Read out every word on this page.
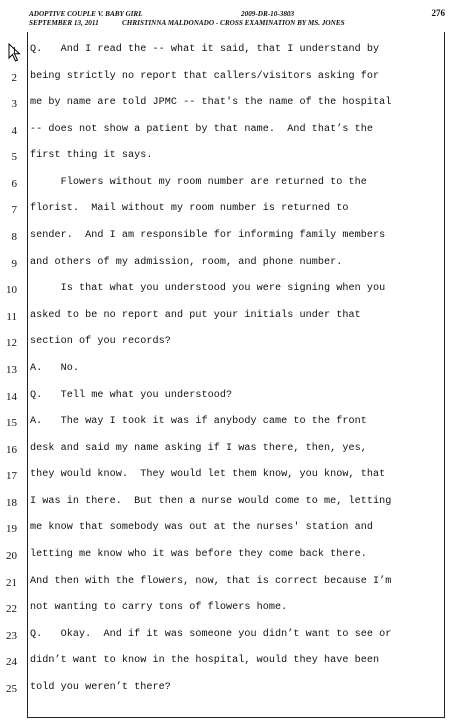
ADOPTIVE COUPLE V. BABY GIRL	2009-DR-10-3803	276
SEPTEMBER 13, 2011	CHRISTINNA MALDONADO - CROSS EXAMINATION BY MS. JONES
1 Q.   And I read the -- what it said, that I understand by
2 being strictly no report that callers/visitors asking for
3 me by name are told JPMC -- that's the name of the hospital
4 -- does not show a patient by that name.  And that’s the
5 first thing it says.
6 Flowers without my room number are returned to the
7 florist.  Mail without my room number is returned to
8 sender.  And I am responsible for informing family members
9 and others of my admission, room, and phone number.
10 Is that what you understood you were signing when you
11 asked to be no report and put your initials under that
12 section of you records?
13 A.   No.
14 Q.   Tell me what you understood?
15 A.   The way I took it was if anybody came to the front
16 desk and said my name asking if I was there, then, yes,
17 they would know.  They would let them know, you know, that
18 I was in there.  But then a nurse would come to me, letting
19 me know that somebody was out at the nurses' station and
20 letting me know who it was before they come back there.
21 And then with the flowers, now, that is correct because I’m
22 not wanting to carry tons of flowers home.
23 Q.   Okay.  And if it was someone you didn’t want to see or
24 didn’t want to know in the hospital, would they have been
25 told you weren’t there?
